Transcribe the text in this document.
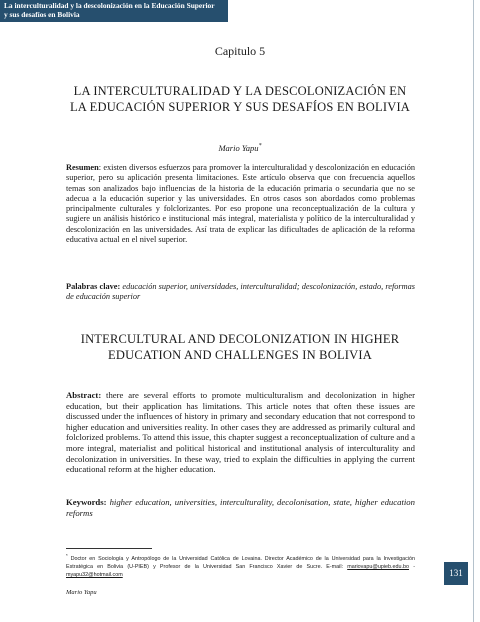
La interculturalidad y la descolonización en la Educación Superior
y sus desafíos en Bolivia
Capitulo 5
LA INTERCULTURALIDAD Y LA DESCOLONIZACIÓN EN
LA EDUCACIÓN SUPERIOR Y SUS DESAFÍOS EN BOLIVIA
Mario Yapu*
Resumen: existen diversos esfuerzos para promover la interculturalidad y descolonización en educación superior, pero su aplicación presenta limitaciones. Este artículo observa que con frecuencia aquellos temas son analizados bajo influencias de la historia de la educación primaria o secundaria que no se adecua a la educación superior y las universidades. En otros casos son abordados como problemas principalmente culturales y folclorizantes. Por eso propone una reconceptualización de la cultura y sugiere un análisis histórico e institucional más integral, materialista y político de la interculturalidad y descolonización en las universidades. Así trata de explicar las dificultades de aplicación de la reforma educativa actual en el nivel superior.
Palabras clave: educación superior, universidades, interculturalidad; descolonización, estado, reformas de educación superior
INTERCULTURAL AND DECOLONIZATION IN HIGHER
EDUCATION AND CHALLENGES IN BOLIVIA
Abstract: there are several efforts to promote multiculturalism and decolonization in higher education, but their application has limitations. This article notes that often these issues are discussed under the influences of history in primary and secondary education that not correspond to higher education and universities reality. In other cases they are addressed as primarily cultural and folclorized problems. To attend this issue, this chapter suggest a reconceptualization of culture and a more integral, materialist and political historical and institutional analysis of interculturality and decolonization in universities. In these way, tried to explain the difficulties in applying the current educational reform at the higher education.
Keywords: higher education, universities, interculturality, decolonisation, state, higher education reforms
* Doctor en Sociología y Antropólogo de la Universidad Católica de Lovaina. Director Académico de la Universidad para la Investigación Estratégica en Bolivia (U-PIEB) y Profesor de la Universidad San Francisco Xavier de Sucre. E-mail: mariovapu@upieb.edu.bo - myapu32@hotmail.com	131
Mario Yapu
